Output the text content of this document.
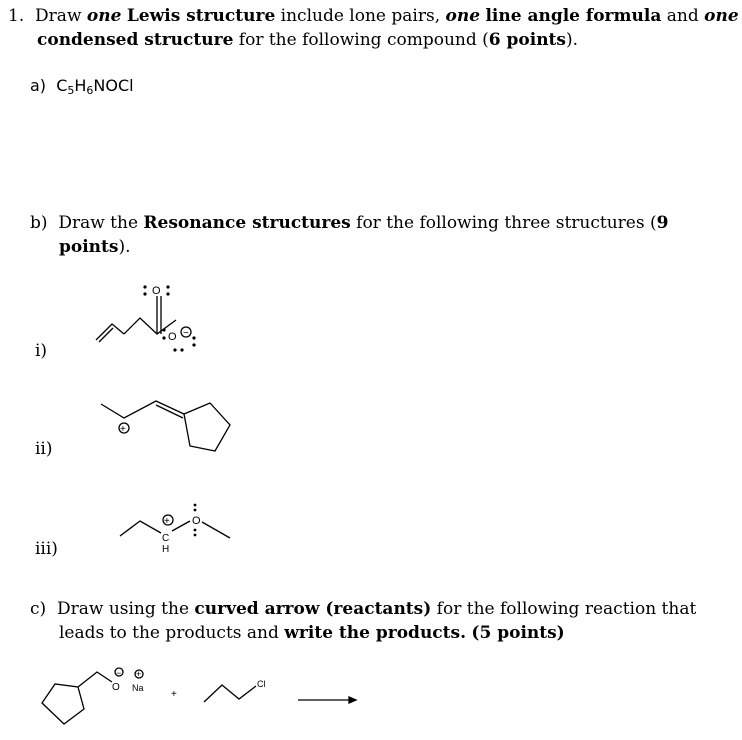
1. Draw one Lewis structure include lone pairs, one line angle formula and one
condensed structure for the following compound (6 points).
a) $C_5H_6NOCl$
b) Draw the Resonance structures for the following three structures (9
points).
i)
ii)
iii)
c) Draw using the curved arrow (reactants) for the following reaction that
leads to the products and write the products. (5 points)
O
O −
+
C
H
+ O
O
− +
Na
+
Cl
